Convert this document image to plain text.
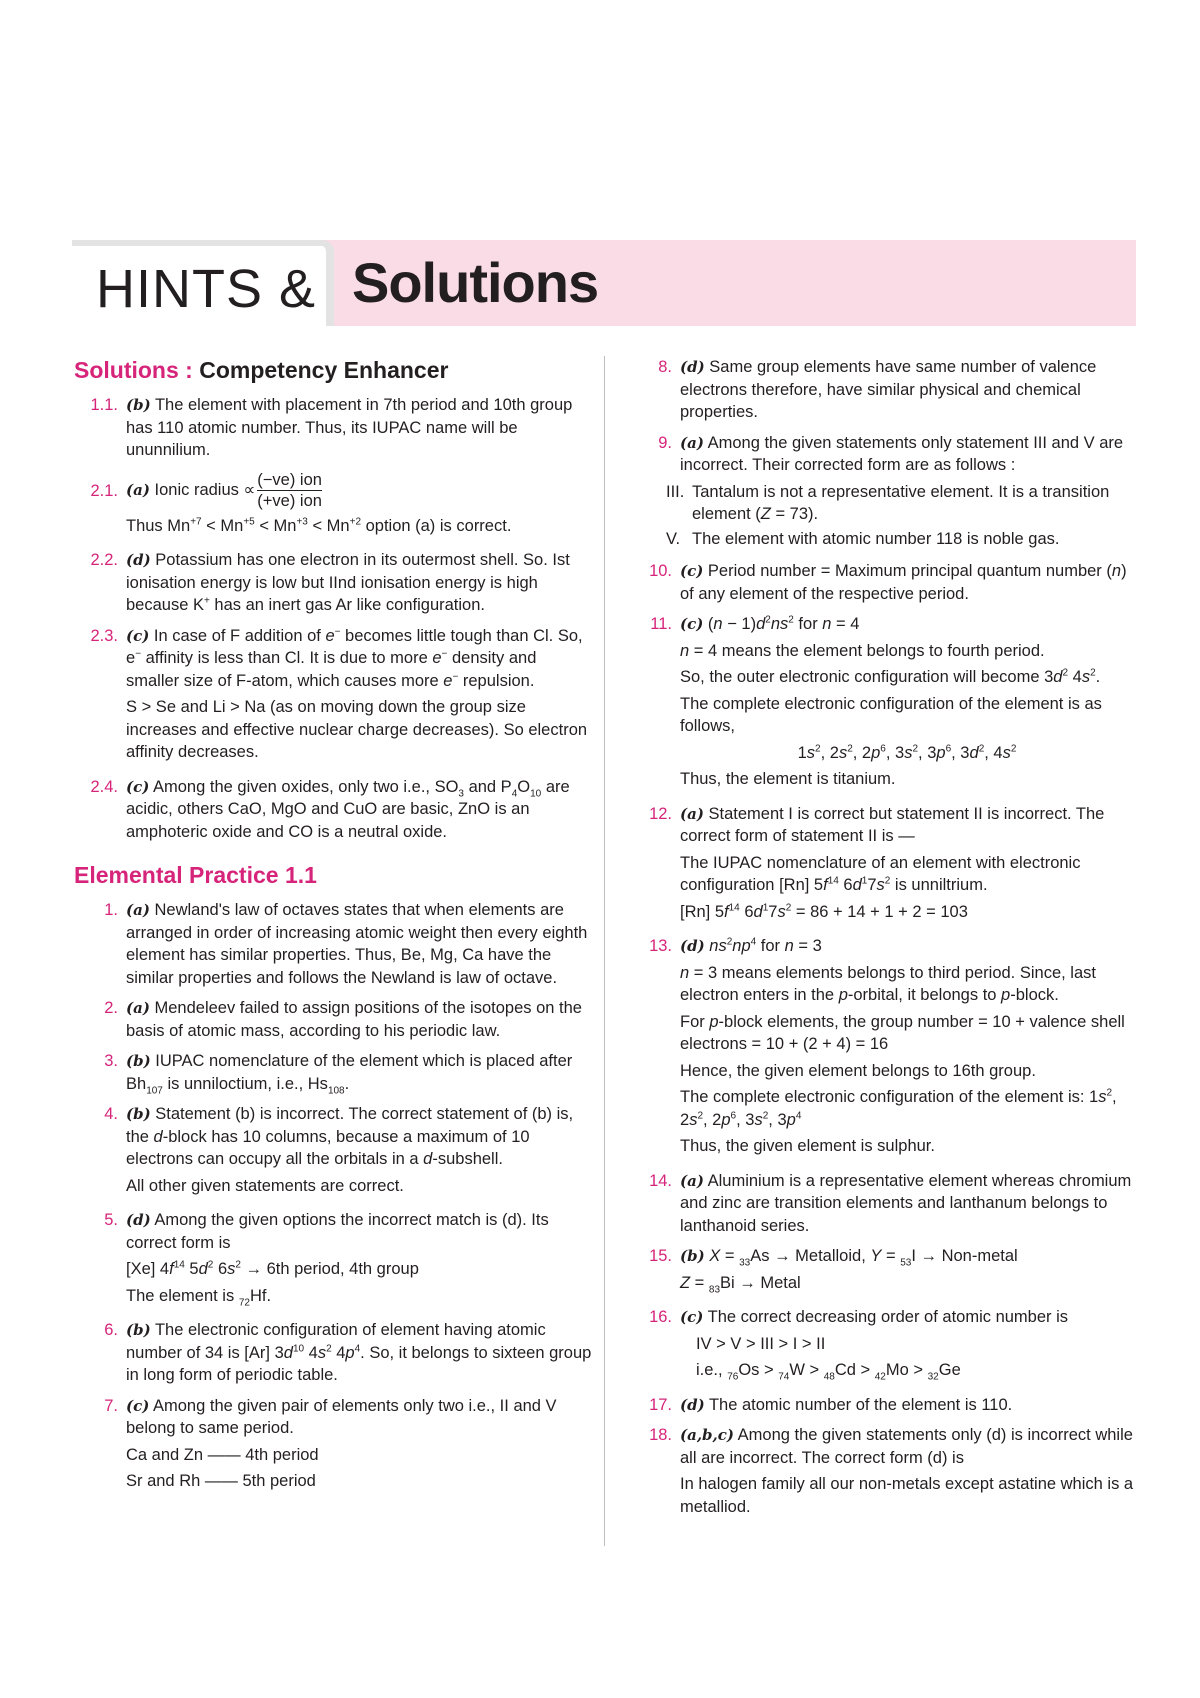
HINTS & Solutions
Solutions : Competency Enhancer
1.1. (b) The element with placement in 7th period and 10th group has 110 atomic number. Thus, its IUPAC name will be ununnilium.
2.1. (a) Ionic radius ∝ $\frac{\text{(−ve) ion}}{\text{(+ve) ion}}$
Thus $Mn^{+7} < Mn^{+5} < Mn^{+3} < Mn^{+2}$ option (a) is correct.
2.2. (d) Potassium has one electron in its outermost shell. So. Ist ionisation energy is low but IInd ionisation energy is high because K+ has an inert gas Ar like configuration.
2.3. (c) In case of F addition of e− becomes little tough than Cl. So, e− affinity is less than Cl. It is due to more e− density and smaller size of F-atom, which causes more e− repulsion.
S > Se and Li > Na (as on moving down the group size increases and effective nuclear charge decreases). So electron affinity decreases.
2.4. (c) Among the given oxides, only two i.e., $SO_3$ and $P_4O_{10}$ are acidic, others CaO, MgO and CuO are basic, ZnO is an amphoteric oxide and CO is a neutral oxide.
Elemental Practice 1.1
1. (a) Newland's law of octaves states that when elements are arranged in order of increasing atomic weight then every eighth element has similar properties. Thus, Be, Mg, Ca have the similar properties and follows the Newland is law of octave.
2. (a) Mendeleev failed to assign positions of the isotopes on the basis of atomic mass, according to his periodic law.
3. (b) IUPAC nomenclature of the element which is placed after $Bh_{107}$ is unniloctium, i.e., $Hs_{108}$.
4. (b) Statement (b) is incorrect. The correct statement of (b) is, the d-block has 10 columns, because a maximum of 10 electrons can occupy all the orbitals in a d-subshell.
All other given statements are correct.
5. (d) Among the given options the incorrect match is (d). Its correct form is
[Xe] $4f^{14}$ $5d^2$ $6s^2 \to 6th$ period, 4th group
The element is $_{72}$Hf.
6. (b) The electronic configuration of element having atomic number of 34 is [Ar] $3d^{10}$ $4s^2$ $4p^4$. So, it belongs to sixteen group in long form of periodic table.
7. (c) Among the given pair of elements only two i.e., II and V belong to same period.
Ca and Zn —— 4th period
Sr and Rh —— 5th period
8. (d) Same group elements have same number of valence electrons therefore, have similar physical and chemical properties.
9. (a) Among the given statements only statement III and V are incorrect. Their corrected form are as follows :
III. Tantalum is not a representative element. It is a transition element (Z = 73).
V. The element with atomic number 118 is noble gas.
10. (c) Period number = Maximum principal quantum number (n) of any element of the respective period.
11. (c) $(n - 1)d^2ns^2$ for n = 4
n = 4 means the element belongs to fourth period.
So, the outer electronic configuration will become $3d^2$ $4s^2$.
The complete electronic configuration of the element is as follows,
$1s^2$, $2s^2$, $2p^6$, $3s^2$, $3p^6$, $3d^2$, $4s^2$
Thus, the element is titanium.
12. (a) Statement I is correct but statement II is incorrect. The correct form of statement II is —
The IUPAC nomenclature of an element with electronic configuration [Rn] $5f^{14}$ $6d^17s^2$ is unniltrium.
[Rn] $5f^{14}$ $6d^17s^2 = 86 + 14 + 1 + 2 = 103$
13. (d) $ns^2np^4$ for n = 3
n = 3 means elements belongs to third period. Since, last electron enters in the p-orbital, it belongs to p-block.
For p-block elements, the group number = 10 + valence shell electrons = 10 + (2 + 4) = 16
Hence, the given element belongs to 16th group.
The complete electronic configuration of the element is: $1s^2$, $2s^2$, $2p^6$, $3s^2$, $3p^4$
Thus, the given element is sulphur.
14. (a) Aluminium is a representative element whereas chromium and zinc are transition elements and lanthanum belongs to lanthanoid series.
15. (b) X = $_{33}$As → Metalloid, Y = $_{53}$I → Non-metal
Z = $_{83}$Bi → Metal
16. (c) The correct decreasing order of atomic number is
IV > V > III > I > II
i.e., $_{76}$Os > $_{74}$W > $_{48}$Cd > $_{42}$Mo > $_{32}$Ge
17. (d) The atomic number of the element is 110.
18. (a,b,c) Among the given statements only (d) is incorrect while all are incorrect. The correct form (d) is
In halogen family all our non-metals except astatine which is a metalliod.
